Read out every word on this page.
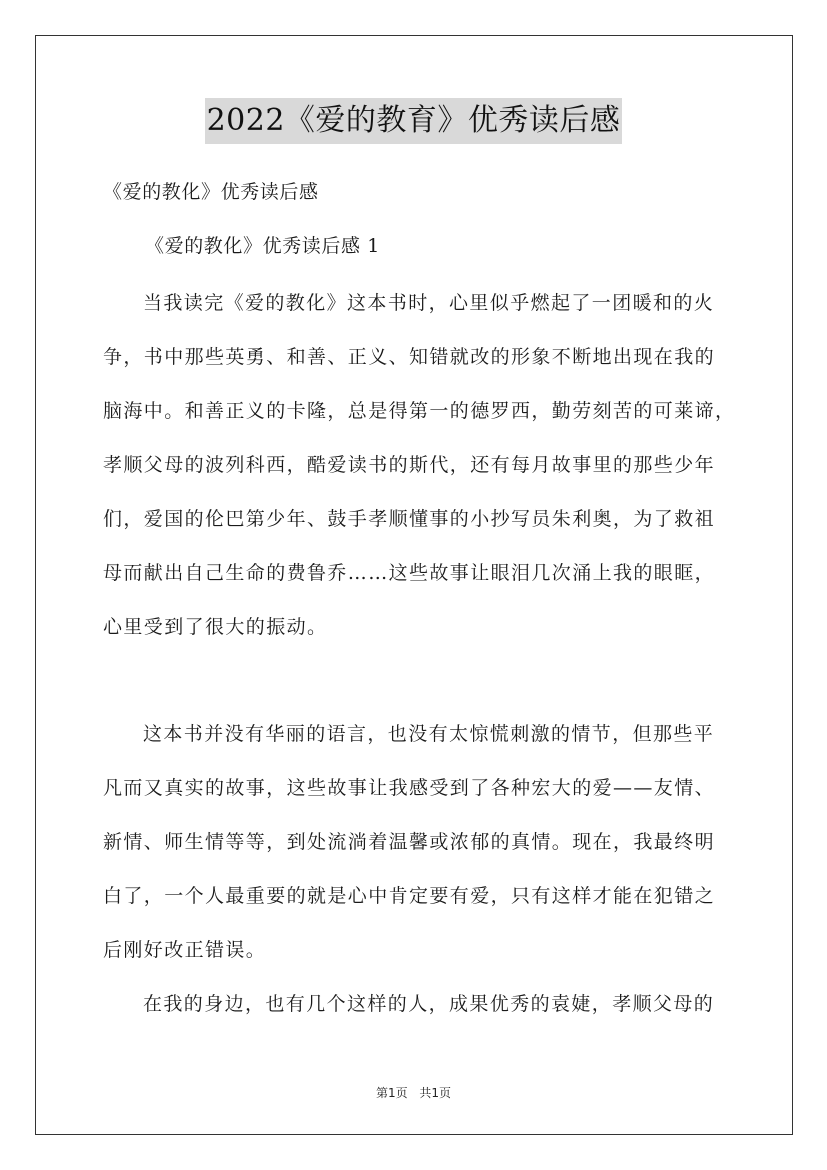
2022《爱的教育》优秀读后感
《爱的教化》优秀读后感
《爱的教化》优秀读后感 1
当我读完《爱的教化》这本书时，心里似乎燃起了一团暖和的火
争，书中那些英勇、和善、正义、知错就改的形象不断地出现在我的
脑海中。和善正义的卡隆，总是得第一的德罗西，勤劳刻苦的可莱谛，
孝顺父母的波列科西，酷爱读书的斯代，还有每月故事里的那些少年
们，爱国的伦巴第少年、鼓手孝顺懂事的小抄写员朱利奥，为了救祖
母而献出自己生命的费鲁乔……这些故事让眼泪几次涌上我的眼眶，
心里受到了很大的振动。
这本书并没有华丽的语言，也没有太惊慌刺激的情节，但那些平
凡而又真实的故事，这些故事让我感受到了各种宏大的爱——友情、
新情、师生情等等，到处流淌着温馨或浓郁的真情。现在，我最终明
白了，一个人最重要的就是心中肯定要有爱，只有这样才能在犯错之
后刚好改正错误。
在我的身边，也有几个这样的人，成果优秀的袁婕，孝顺父母的
第1页 共1页
